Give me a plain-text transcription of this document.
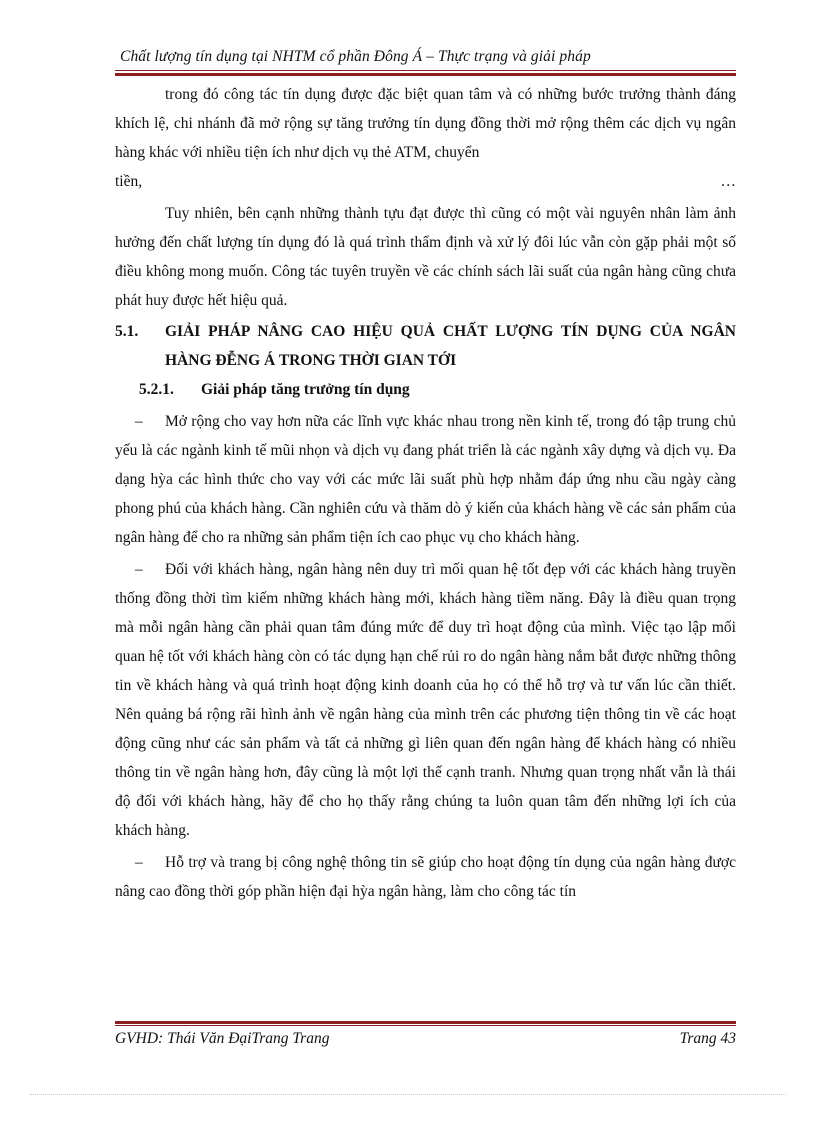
Chất lượng tín dụng tại NHTM cổ phần Đông Á – Thực trạng và giải pháp

trong đó công tác tín dụng được đặc biệt quan tâm và có những bước trưởng thành đáng khích lệ, chi nhánh đã mở rộng sự tăng trưởng tín dụng đồng thời mở rộng thêm các dịch vụ ngân hàng khác với nhiều tiện ích như dịch vụ thẻ ATM, chuyển

tiền,	…

Tuy nhiên, bên cạnh những thành tựu đạt được thì cũng có một vài nguyên nhân làm ảnh hưởng đến chất lượng tín dụng đó là quá trình thẩm định và xử lý đôi lúc vẫn còn gặp phải một số điều không mong muốn. Công tác tuyên truyền về các chính sách lãi suất của ngân hàng cũng chưa phát huy được hết hiệu quả.

5.1.	GIẢI PHÁP NÂNG CAO HIỆU QUẢ CHẤT LƯỢNG TÍN DỤNG CỦA NGÂN HÀNG ĐỄNG Á TRONG THỜI GIAN TỚI
5.2.1.	Giải pháp tăng trưởng tín dụng

– Mở rộng cho vay hơn nữa các lĩnh vực khác nhau trong nền kinh tế, trong đó tập trung chủ yếu là các ngành kinh tế mũi nhọn và dịch vụ đang phát triển là các ngành xây dựng và dịch vụ. Đa dạng hỳa các hình thức cho vay với các mức lãi suất phù hợp nhằm đáp ứng nhu cầu ngày càng phong phú của khách hàng. Cần nghiên cứu và thăm dò ý kiến của khách hàng về các sản phẩm của ngân hàng để cho ra những sản phẩm tiện ích cao phục vụ cho khách hàng.

– Đối với khách hàng, ngân hàng nên duy trì mối quan hệ tốt đẹp với các khách hàng truyền thống đồng thời tìm kiếm những khách hàng mới, khách hàng tiềm năng. Đây là điều quan trọng mà mỗi ngân hàng cần phải quan tâm đúng mức để duy trì hoạt động của mình. Việc tạo lập mối quan hệ tốt với khách hàng còn có tác dụng hạn chế rủi ro do ngân hàng nắm bắt được những thông tin về khách hàng và quá trình hoạt động kinh doanh của họ có thể hỗ trợ và tư vấn lúc cần thiết. Nên quảng bá rộng rãi hình ảnh về ngân hàng của mình trên các phương tiện thông tin về các hoạt động cũng như các sản phẩm và tất cả những gì liên quan đến ngân hàng để khách hàng có nhiều thông tin về ngân hàng hơn, đây cũng là một lợi thế cạnh tranh. Nhưng quan trọng nhất vẫn là thái độ đối với khách hàng, hãy để cho họ thấy rằng chúng ta luôn quan tâm đến những lợi ích của khách hàng.

– Hỗ trợ và trang bị công nghệ thông tin sẽ giúp cho hoạt động tín dụng của ngân hàng được nâng cao đồng thời góp phần hiện đại hỳa ngân hàng, làm cho công tác tín

GVHD: Thái Văn ĐạiTrang Trang	Trang 43
